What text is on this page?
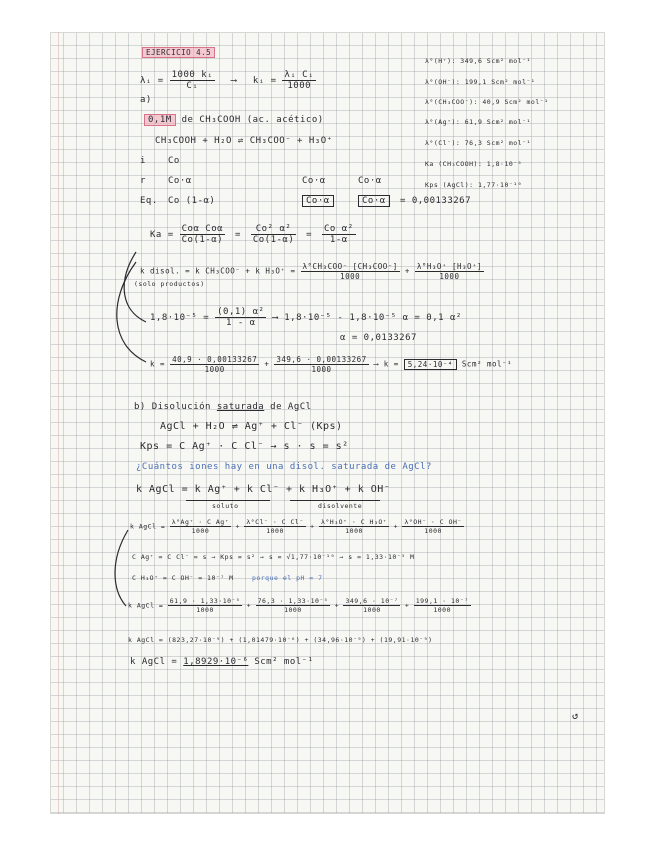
EJERCICIO 4.5
λᵢ = $\frac{\text{1000 kᵢ}}{\text{Cᵢ}}$ ⟶ kᵢ = $\frac{\text{λᵢ Cᵢ}}{1000}$
λ°(H⁺): 349,6 Scm² mol⁻¹
λ°(OH⁻): 199,1 Scm² mol⁻¹
λ°(CH₃COO⁻): 40,9 Scm² mol⁻¹
λ°(Ag⁺): 61,9 Scm² mol⁻¹
λ°(Cl⁻): 76,3 Scm² mol⁻¹
Ka (CH₃COOH): 1,8·10⁻⁵
Kps (AgCl): 1,77·10⁻¹⁰
a)
0,1M de CH₃COOH (ac. acético)
CH₃COOH + H₂O ⇌ CH₃COO⁻ + H₃O⁺
i Co
r Co·α	Co·α	Co·α
Eq. Co (1-α)	Co·α	Co·α	= 0,00133267
$Ka = \frac{\text{Coα Coα}}{Co(1-\alpha)} = \frac{\text{Co² α²}}{Co(1-\alpha)} = \frac{\text{Co α²}}{1-\alpha}$
k disol. = k CH₃COO⁻ + k $H_3O^+ = \frac{\text{λ°CH₃COO⁻ [CH₃COO⁻]}}{1000} + \frac{\text{λ°H₃O⁺ [H₃O⁺]}}{1000}$
(solo productos)
$1,8\cdot 10^{-5} = \frac{\text{(0,1) α²}}{1 - \alpha}$ ⟶ 1,8·10⁻⁵ - 1,8·10⁻⁵ α = 0,1 α²
α = 0,0133267
$k = \frac{40,9 \cdot 0,00133267}{1000} + \frac{349,6 \cdot 0,00133267}{1000}$ ⟶ k = 5,24·10⁻⁴ Scm² mol⁻¹
b) Disolución saturada de AgCl
AgCl + H₂O ⇌ Ag⁺ + Cl⁻ (Kps)
Kps = C Ag⁺ · C Cl⁻ → s · s = s²
¿Cuántos iones hay en una disol. saturada de AgCl?
k AgCl = k Ag⁺ + k Cl⁻ + k H₃O⁺ + k OH⁻
soluto	disolvente
k AgCl = $\frac{\text{λ°Ag⁺ · C Ag⁺}}{1000} + \frac{\text{λ°Cl⁻ · C Cl⁻}}{1000} + \frac{\text{λ°H₃O⁺ · C H₃O⁺}}{1000} + \frac{\text{λ°OH⁻ · C OH⁻}}{1000}$
C Ag⁺ = C Cl⁻ = s → Kps = s² → s = √1,77·10⁻¹⁰ → s = 1,33·10⁻⁵ M
C H₃O⁺ = C OH⁻ = 10⁻⁷ M	porque el pH = 7
k AgCl = $\frac{\text{61,9 · 1,33·10⁻⁵}}{1000} + \frac{\text{76,3 · 1,33·10⁻⁵}}{1000} + \frac{\text{349,6 · 10⁻⁷}}{1000} + \frac{\text{199,1 · 10⁻⁷}}{1000}$
k AgCl = (823,27·10⁻⁹) + (1,01479·10⁻⁶) + (34,96·10⁻⁹) + (19,91·10⁻⁹)
k AgCl = 1,8929·10⁻⁶ Scm² mol⁻¹
↺
